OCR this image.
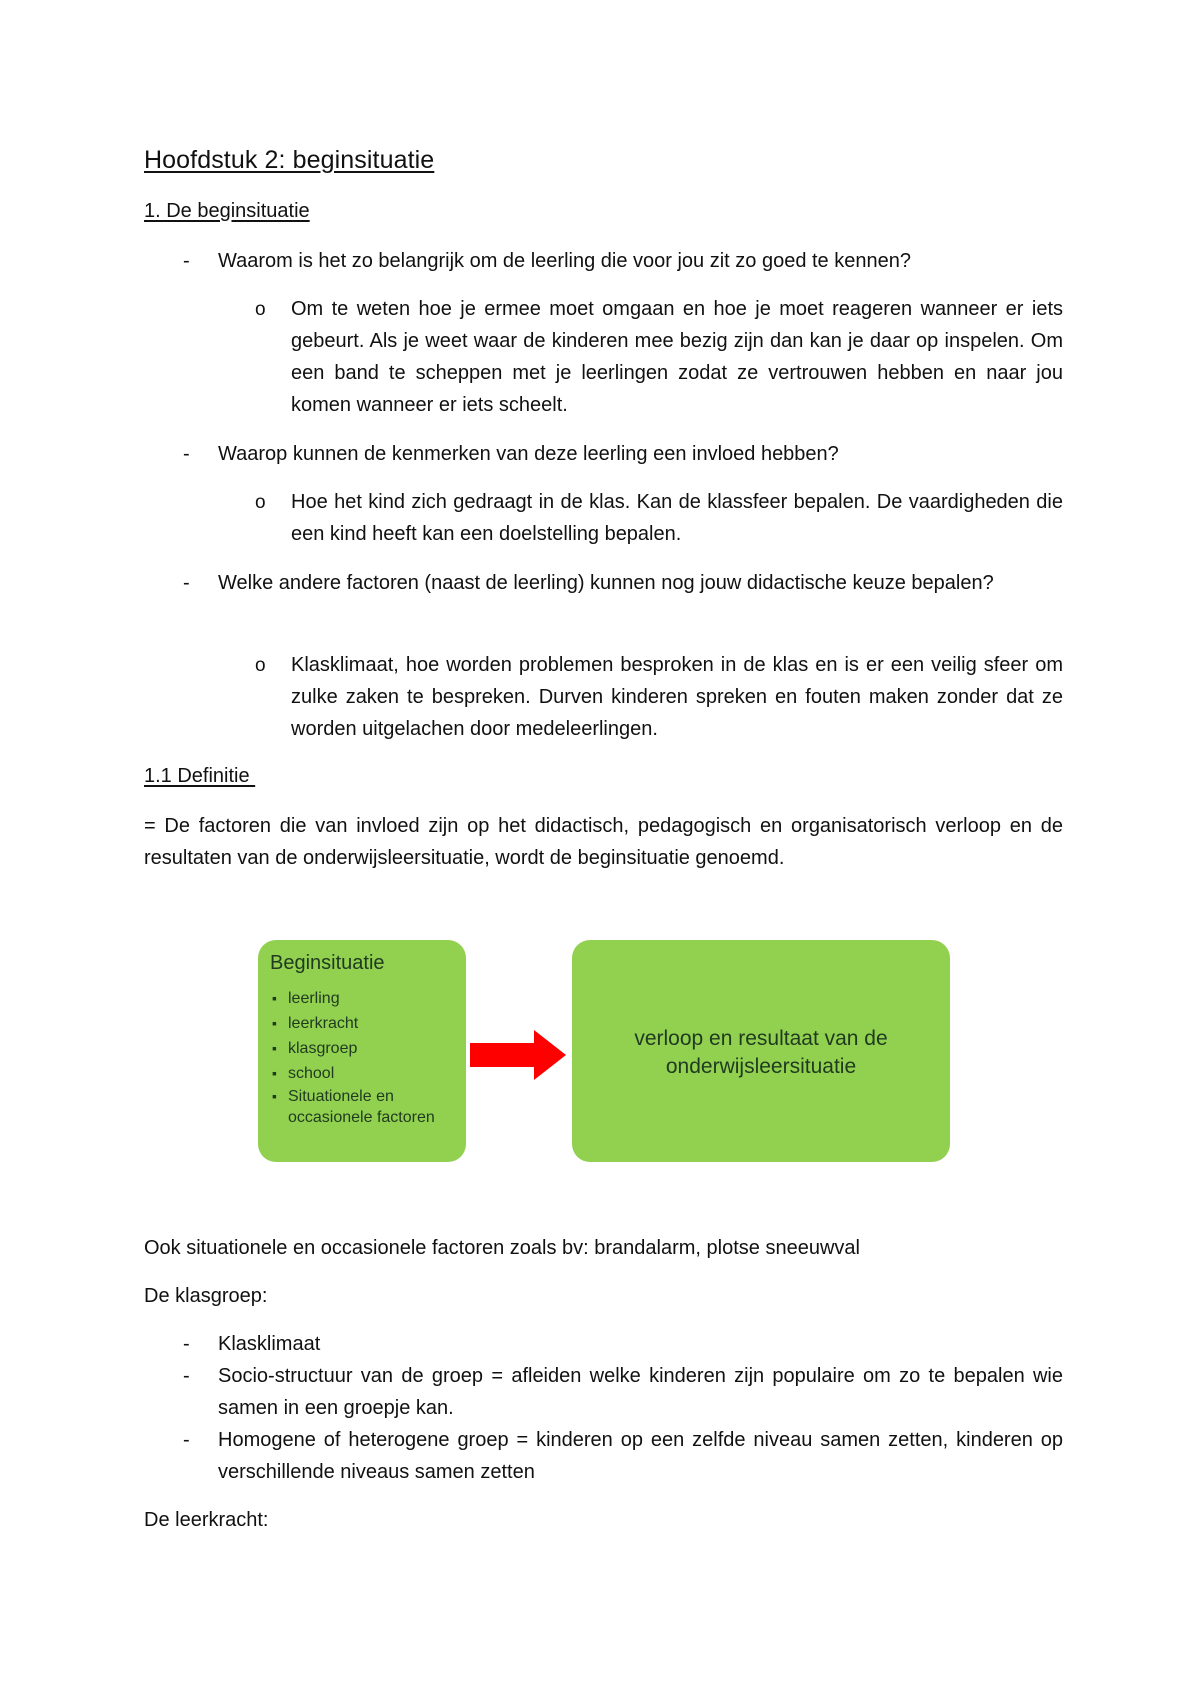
Hoofdstuk 2: beginsituatie
1. De beginsituatie
- Waarom is het zo belangrijk om de leerling die voor jou zit zo goed te kennen?
o Om te weten hoe je ermee moet omgaan en hoe je moet reageren wanneer er iets gebeurt. Als je weet waar de kinderen mee bezig zijn dan kan je daar op inspelen. Om een band te scheppen met je leerlingen zodat ze vertrouwen hebben en naar jou komen wanneer er iets scheelt.
- Waarop kunnen de kenmerken van deze leerling een invloed hebben?
o Hoe het kind zich gedraagt in de klas. Kan de klassfeer bepalen. De vaardigheden die een kind heeft kan een doelstelling bepalen.
- Welke andere factoren (naast de leerling) kunnen nog jouw didactische keuze bepalen?
o Klasklimaat, hoe worden problemen besproken in de klas en is er een veilig sfeer om zulke zaken te bespreken. Durven kinderen spreken en fouten maken zonder dat ze worden uitgelachen door medeleerlingen.
1.1 Definitie
= De factoren die van invloed zijn op het didactisch, pedagogisch en organisatorisch verloop en de resultaten van de onderwijsleersituatie, wordt de beginsituatie genoemd.
Beginsituatie
▪ leerling
▪ leerkracht
▪ klasgroep
▪ school
▪ Situationele en occasionele factoren
verloop en resultaat van de onderwijsleersituatie
Ook situationele en occasionele factoren zoals bv: brandalarm, plotse sneeuwval
De klasgroep:
- Klasklimaat
- Socio-structuur van de groep = afleiden welke kinderen zijn populaire om zo te bepalen wie samen in een groepje kan.
- Homogene of heterogene groep = kinderen op een zelfde niveau samen zetten, kinderen op verschillende niveaus samen zetten
De leerkracht:
